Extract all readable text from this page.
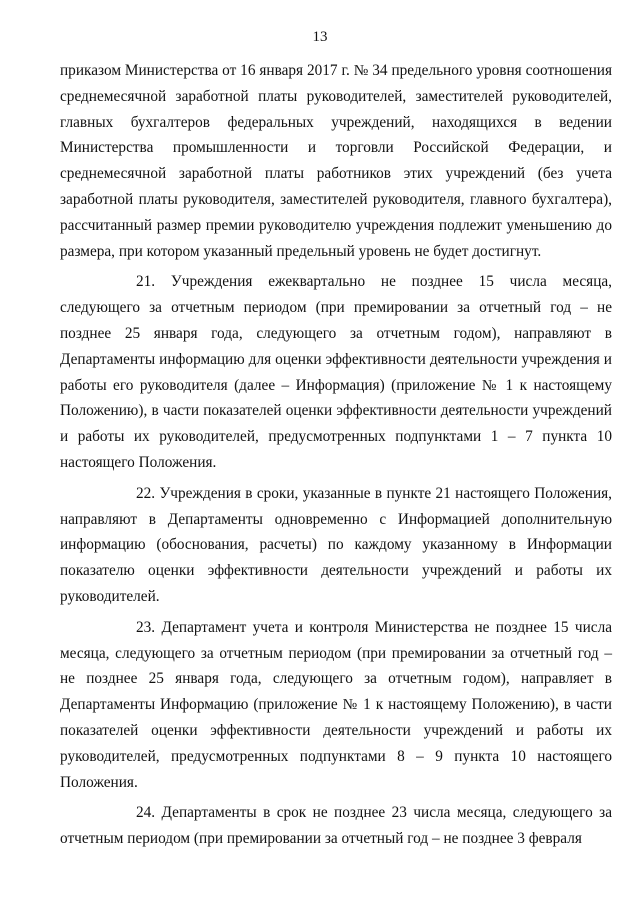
13

приказом Министерства от 16 января 2017 г. № 34 предельного уровня соотношения среднемесячной заработной платы руководителей, заместителей руководителей, главных бухгалтеров федеральных учреждений, находящихся в ведении Министерства промышленности и торговли Российской Федерации, и среднемесячной заработной платы работников этих учреждений (без учета заработной платы руководителя, заместителей руководителя, главного бухгалтера), рассчитанный размер премии руководителю учреждения подлежит уменьшению до размера, при котором указанный предельный уровень не будет достигнут.

21. Учреждения ежеквартально не позднее 15 числа месяца, следующего за отчетным периодом (при премировании за отчетный год – не позднее 25 января года, следующего за отчетным годом), направляют в Департаменты информацию для оценки эффективности деятельности учреждения и работы его руководителя (далее – Информация) (приложение № 1 к настоящему Положению), в части показателей оценки эффективности деятельности учреждений и работы их руководителей, предусмотренных подпунктами 1 – 7 пункта 10 настоящего Положения.

22. Учреждения в сроки, указанные в пункте 21 настоящего Положения, направляют в Департаменты одновременно с Информацией дополнительную информацию (обоснования, расчеты) по каждому указанному в Информации показателю оценки эффективности деятельности учреждений и работы их руководителей.

23. Департамент учета и контроля Министерства не позднее 15 числа месяца, следующего за отчетным периодом (при премировании за отчетный год – не позднее 25 января года, следующего за отчетным годом), направляет в Департаменты Информацию (приложение № 1 к настоящему Положению), в части показателей оценки эффективности деятельности учреждений и работы их руководителей, предусмотренных подпунктами 8 – 9 пункта 10 настоящего Положения.

24. Департаменты в срок не позднее 23 числа месяца, следующего за отчетным периодом (при премировании за отчетный год – не позднее 3 февраля
